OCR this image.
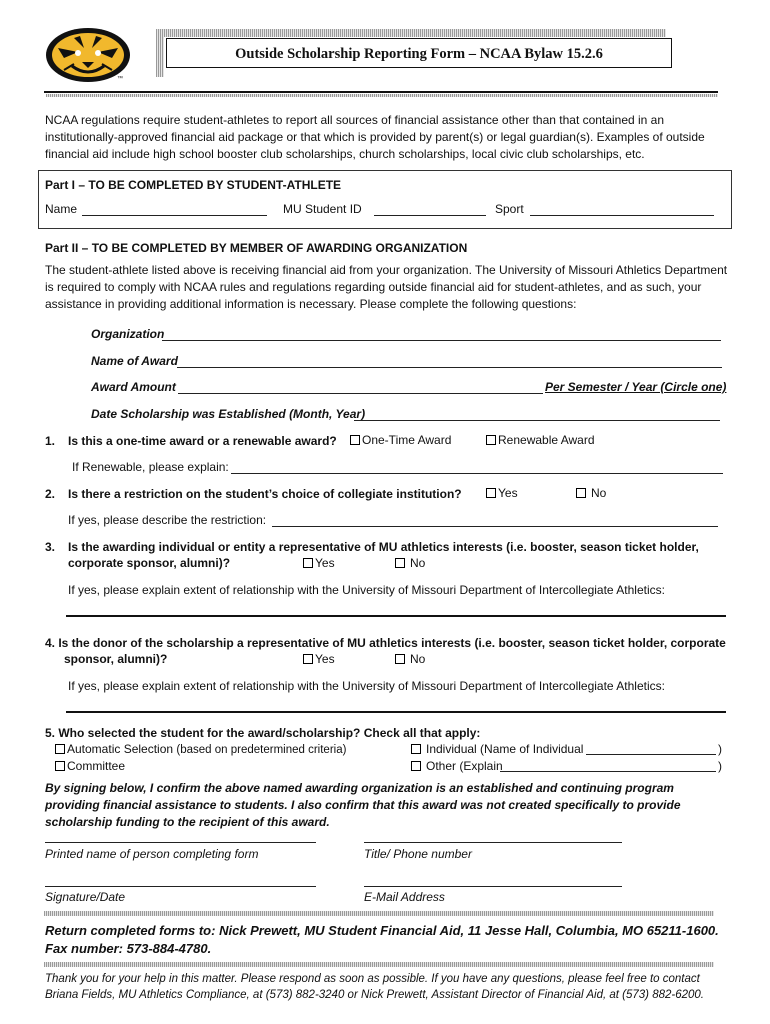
™
Outside Scholarship Reporting Form – NCAA Bylaw 15.2.6
NCAA regulations require student-athletes to report all sources of financial assistance other than that contained in an institutionally-approved financial aid package or that which is provided by parent(s) or legal guardian(s). Examples of outside financial aid include high school booster club scholarships, church scholarships, local civic club scholarships, etc.
Part I – TO BE COMPLETED BY STUDENT-ATHLETE
Name	MU Student ID	Sport
Part II – TO BE COMPLETED BY MEMBER OF AWARDING ORGANIZATION
The student-athlete listed above is receiving financial aid from your organization. The University of Missouri Athletics Department is required to comply with NCAA rules and regulations regarding outside financial aid for student-athletes, and as such, your assistance in providing additional information is necessary. Please complete the following questions:
Organization
Name of Award
Award Amount	Per Semester / Year (Circle one)
Date Scholarship was Established (Month, Year)
1. Is this a one-time award or a renewable award?	One-Time Award	Renewable Award
If Renewable, please explain:
2. Is there a restriction on the student’s choice of collegiate institution?	Yes	No
If yes, please describe the restriction:
3. Is the awarding individual or entity a representative of MU athletics interests (i.e. booster, season ticket holder,
corporate sponsor, alumni)?	Yes	No
If yes, please explain extent of relationship with the University of Missouri Department of Intercollegiate Athletics:
4. Is the donor of the scholarship a representative of MU athletics interests (i.e. booster, season ticket holder, corporate
sponsor, alumni)?	Yes	No
If yes, please explain extent of relationship with the University of Missouri Department of Intercollegiate Athletics:
5. Who selected the student for the award/scholarship? Check all that apply:
Automatic Selection (based on predetermined criteria)
Committee
Individual (Name of Individual	)
Other (Explain	)
By signing below, I confirm the above named awarding organization is an established and continuing program providing financial assistance to students. I also confirm that this award was not created specifically to provide scholarship funding to the recipient of this award.
Printed name of person completing form	Title/ Phone number
Signature/Date	E-Mail Address
Return completed forms to: Nick Prewett, MU Student Financial Aid, 11 Jesse Hall, Columbia, MO 65211-1600. Fax number: 573-884-4780.
Thank you for your help in this matter. Please respond as soon as possible. If you have any questions, please feel free to contact Briana Fields, MU Athletics Compliance, at (573) 882-3240 or Nick Prewett, Assistant Director of Financial Aid, at (573) 882-6200.
